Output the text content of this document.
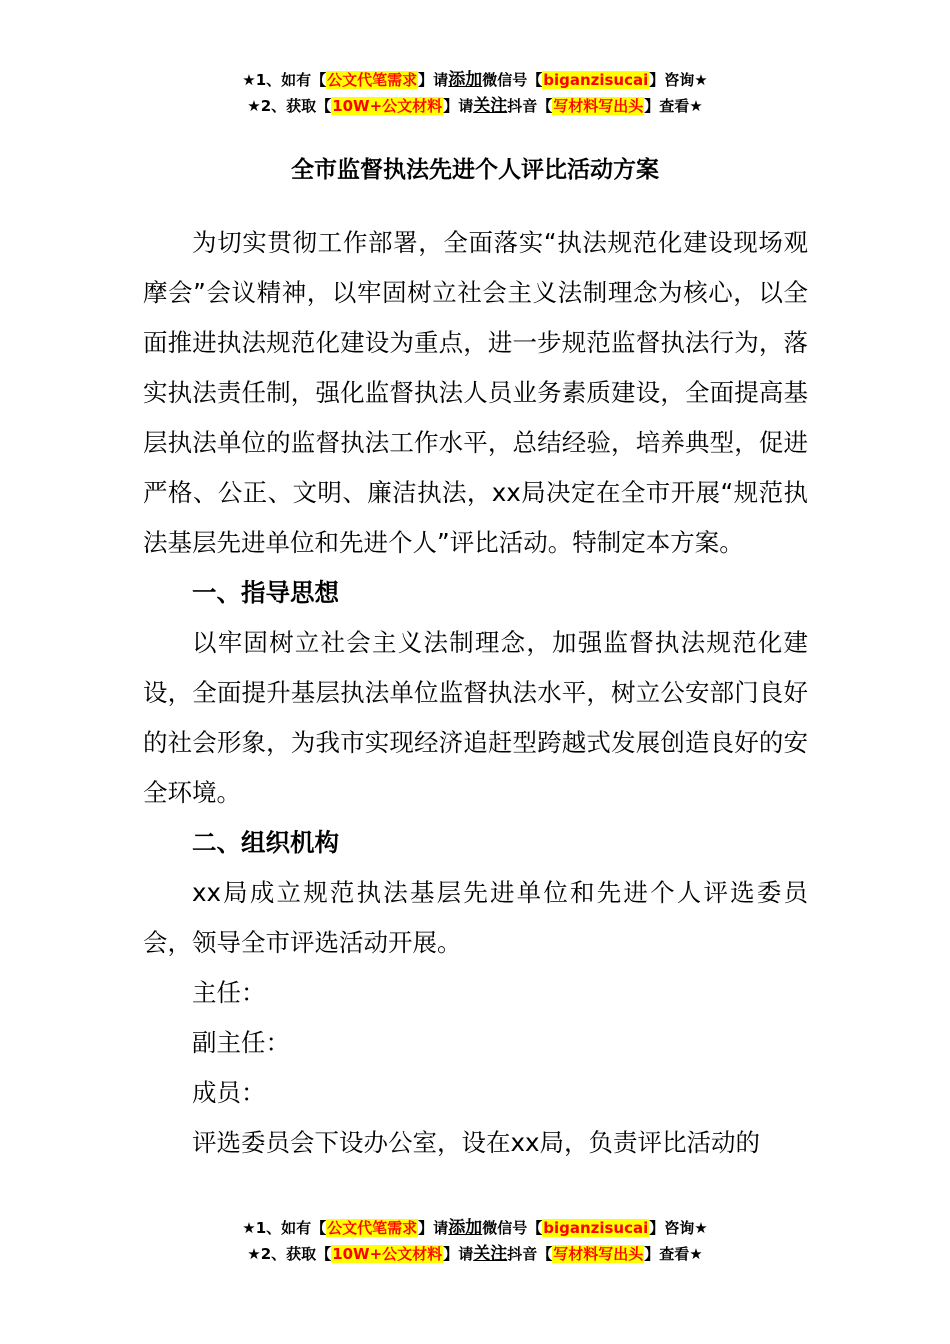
★1、如有【公文代笔需求】请添加微信号【biganzisucai】咨询★
★2、获取【10W+公文材料】请关注抖音【写材料写出头】查看★
全市监督执法先进个人评比活动方案

为切实贯彻工作部署，全面落实“执法规范化建设现场观摩会”会议精神，以牢固树立社会主义法制理念为核心，以全面推进执法规范化建设为重点，进一步规范监督执法行为，落实执法责任制，强化监督执法人员业务素质建设，全面提高基层执法单位的监督执法工作水平，总结经验，培养典型，促进严格、公正、文明、廉洁执法，xx局决定在全市开展“规范执法基层先进单位和先进个人”评比活动。特制定本方案。

一、指导思想

以牢固树立社会主义法制理念，加强监督执法规范化建设，全面提升基层执法单位监督执法水平，树立公安部门良好的社会形象，为我市实现经济追赶型跨越式发展创造良好的安全环境。

二、组织机构

xx局成立规范执法基层先进单位和先进个人评选委员会，领导全市评选活动开展。

主任：

副主任：

成员：

评选委员会下设办公室，设在xx局，负责评比活动的

★1、如有【公文代笔需求】请添加微信号【biganzisucai】咨询★
★2、获取【10W+公文材料】请关注抖音【写材料写出头】查看★
